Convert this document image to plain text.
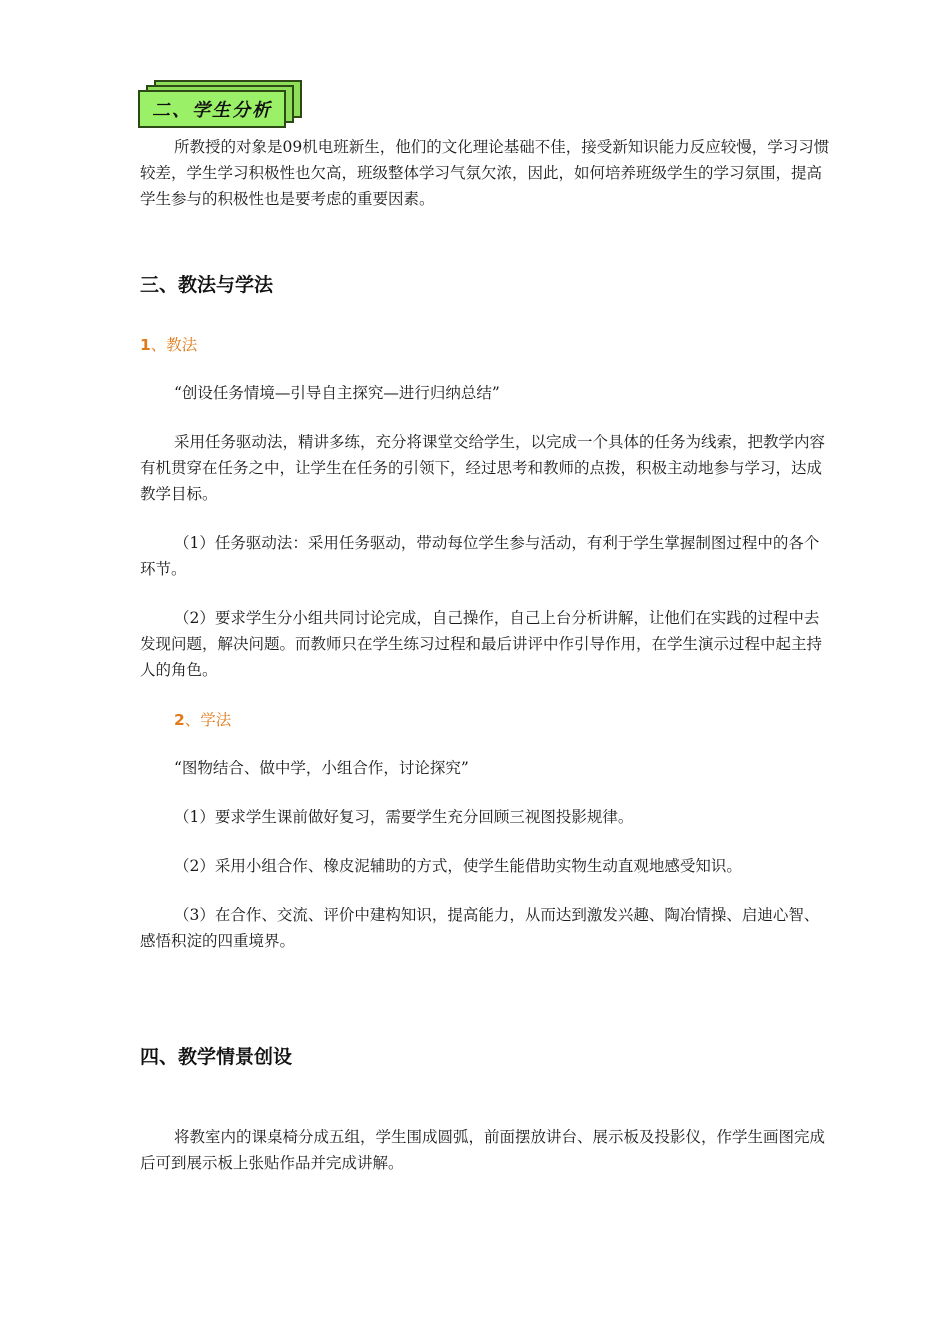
二、学生分析

所教授的对象是09机电班新生，他们的文化理论基础不佳，接受新知识能力反应较慢，学习习惯较差，学生学习积极性也欠高，班级整体学习气氛欠浓，因此，如何培养班级学生的学习氛围，提高学生参与的积极性也是要考虑的重要因素。

三、教法与学法

1、教法

“创设任务情境—引导自主探究—进行归纳总结”

采用任务驱动法，精讲多练，充分将课堂交给学生，以完成一个具体的任务为线索，把教学内容有机贯穿在任务之中，让学生在任务的引领下，经过思考和教师的点拨，积极主动地参与学习，达成教学目标。

（1）任务驱动法：采用任务驱动，带动每位学生参与活动，有利于学生掌握制图过程中的各个环节。

（2）要求学生分小组共同讨论完成，自己操作，自己上台分析讲解，让他们在实践的过程中去发现问题，解决问题。而教师只在学生练习过程和最后讲评中作引导作用，在学生演示过程中起主持人的角色。

2、学法

“图物结合、做中学，小组合作，讨论探究”

（1）要求学生课前做好复习，需要学生充分回顾三视图投影规律。

（2）采用小组合作、橡皮泥辅助的方式，使学生能借助实物生动直观地感受知识。

（3）在合作、交流、评价中建构知识，提高能力，从而达到激发兴趣、陶冶情操、启迪心智、感悟积淀的四重境界。

四、教学情景创设

将教室内的课桌椅分成五组，学生围成圆弧，前面摆放讲台、展示板及投影仪，作学生画图完成后可到展示板上张贴作品并完成讲解。
